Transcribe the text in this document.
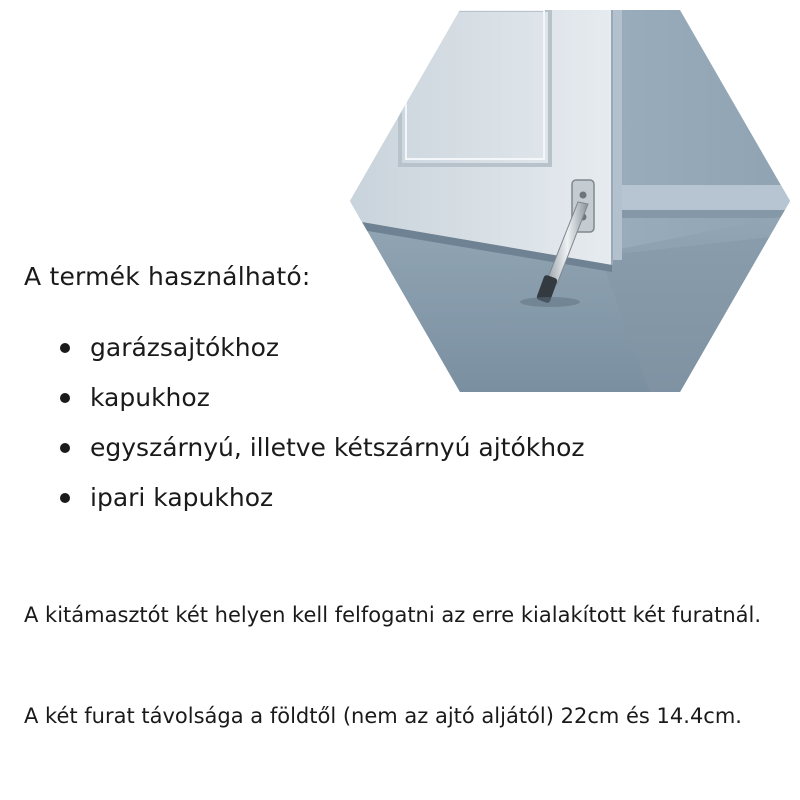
A termék használható:
garázsajtókhoz
kapukhoz
egyszárnyú, illetve kétszárnyú ajtókhoz
ipari kapukhoz

A kitámasztót két helyen kell felfogatni az erre kialakított két furatnál.

A két furat távolsága a földtől (nem az ajtó aljától) 22cm és 14.4cm.
